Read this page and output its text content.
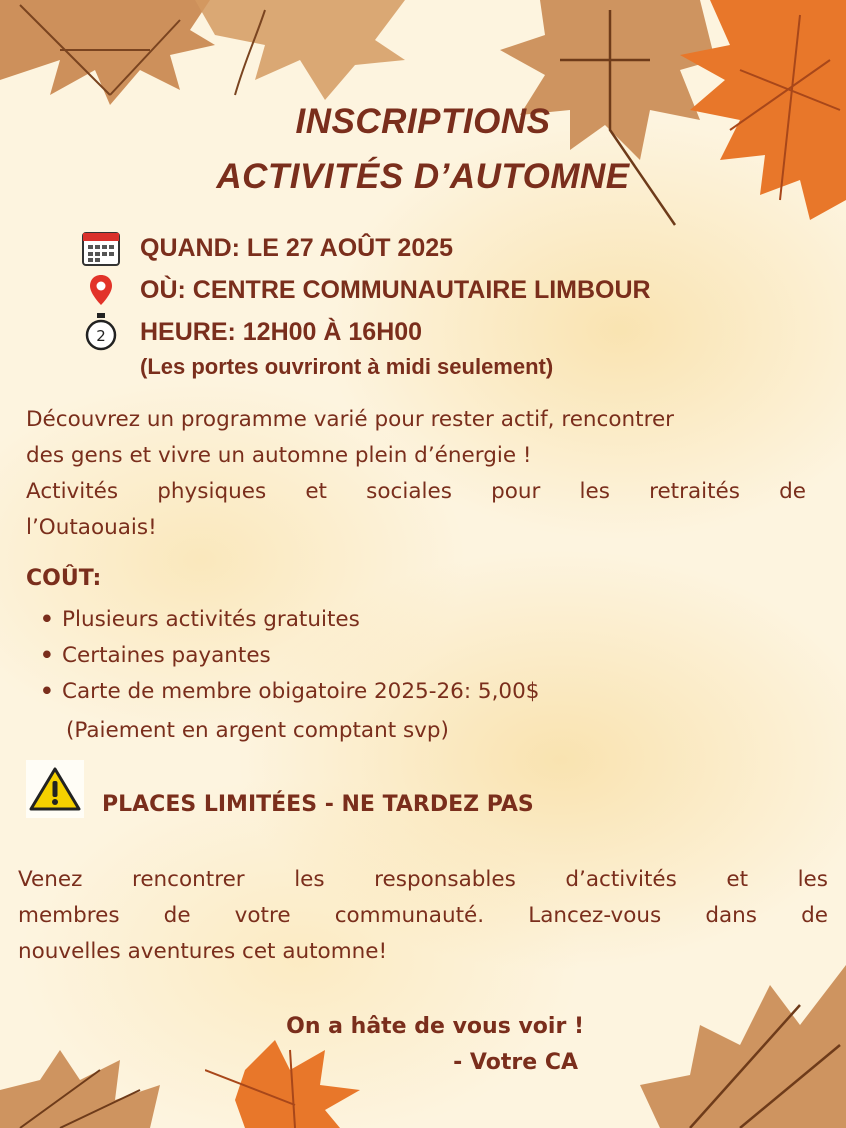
INSCRIPTIONS
ACTIVITÉS D’AUTOMNE
QUAND: LE 27 AOÛT 2025
OÙ: CENTRE COMMUNAUTAIRE LIMBOUR
2 HEURE: 12H00 À 16H00
(Les portes ouvriront à midi seulement)
Découvrez un programme varié pour rester actif, rencontrer
des gens et vivre un automne plein d’énergie !
Activités physiques et sociales pour les retraités de
l’Outaouais!
COÛT:
• Plusieurs activités gratuites
• Certaines payantes
• Carte de membre obigatoire 2025-26: 5,00$
(Paiement en argent comptant svp)
PLACES LIMITÉES - NE TARDEZ PAS
Venez rencontrer les responsables d’activités et les
membres de votre communauté. Lancez-vous dans de
nouvelles aventures cet automne!
On a hâte de vous voir !
- Votre CA
